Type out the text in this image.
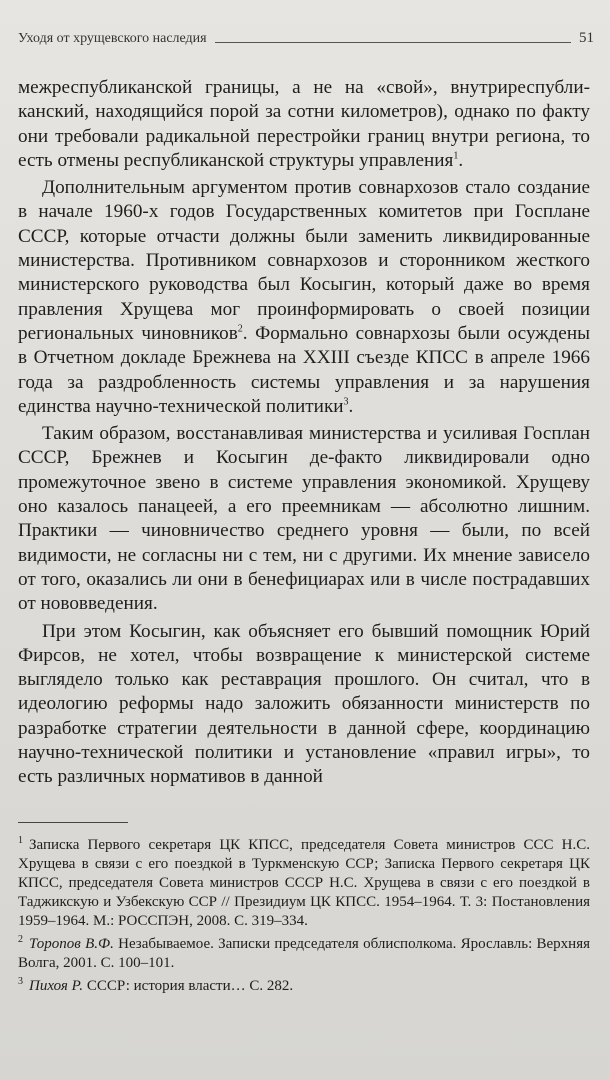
Уходя от хрущевского наследия	51

межреспубликанской границы, а не на «свой», внутриреспубликанский, находящийся порой за сотни километров), однако по факту они требовали радикальной перестройки границ внутри региона, то есть отмены республиканской структуры управления$^1$.

Дополнительным аргументом против совнархозов стало создание в начале 1960-х годов Государственных комитетов при Госплане СССР, которые отчасти должны были заменить ликвидированные министерства. Противником совнархозов и сторонником жесткого министерского руководства был Косыгин, который даже во время правления Хрущева мог проинформировать о своей позиции региональных чиновников$^2$. Формально совнархозы были осуждены в Отчетном докладе Брежнева на XXIII съезде КПСС в апреле 1966 года за раздробленность системы управления и за нарушения единства научно-технической политики$^3$.

Таким образом, восстанавливая министерства и усиливая Госплан СССР, Брежнев и Косыгин де-факто ликвидировали одно промежуточное звено в системе управления экономикой. Хрущеву оно казалось панацеей, а его преемникам — абсолютно лишним. Практики — чиновничество среднего уровня — были, по всей видимости, не согласны ни с тем, ни с другими. Их мнение зависело от того, оказались ли они в бенефициарах или в числе пострадавших от нововведения.

При этом Косыгин, как объясняет его бывший помощник Юрий Фирсов, не хотел, чтобы возвращение к министерской системе выглядело только как реставрация прошлого. Он считал, что в идеологию реформы надо заложить обязанности министерств по разработке стратегии деятельности в данной сфере, координацию научно-технической политики и установление «правил игры», то есть различных нормативов в данной

$^1$ Записка Первого секретаря ЦК КПСС, председателя Совета министров ССС Н.С. Хрущева в связи с его поездкой в Туркменскую ССР; Записка Первого секретаря ЦК КПСС, председателя Совета министров СССР Н.С. Хрущева в связи с его поездкой в Таджикскую и Узбекскую ССР // Президиум ЦК КПСС. 1954–1964. Т. 3: Постановления 1959–1964. М.: РОССПЭН, 2008. С. 319–334.

$^2$ Торопов В.Ф. Незабываемое. Записки председателя облисполкома. Ярославль: Верхняя Волга, 2001. С. 100–101.

$^3$ Пихоя Р. СССР: история власти… С. 282.
